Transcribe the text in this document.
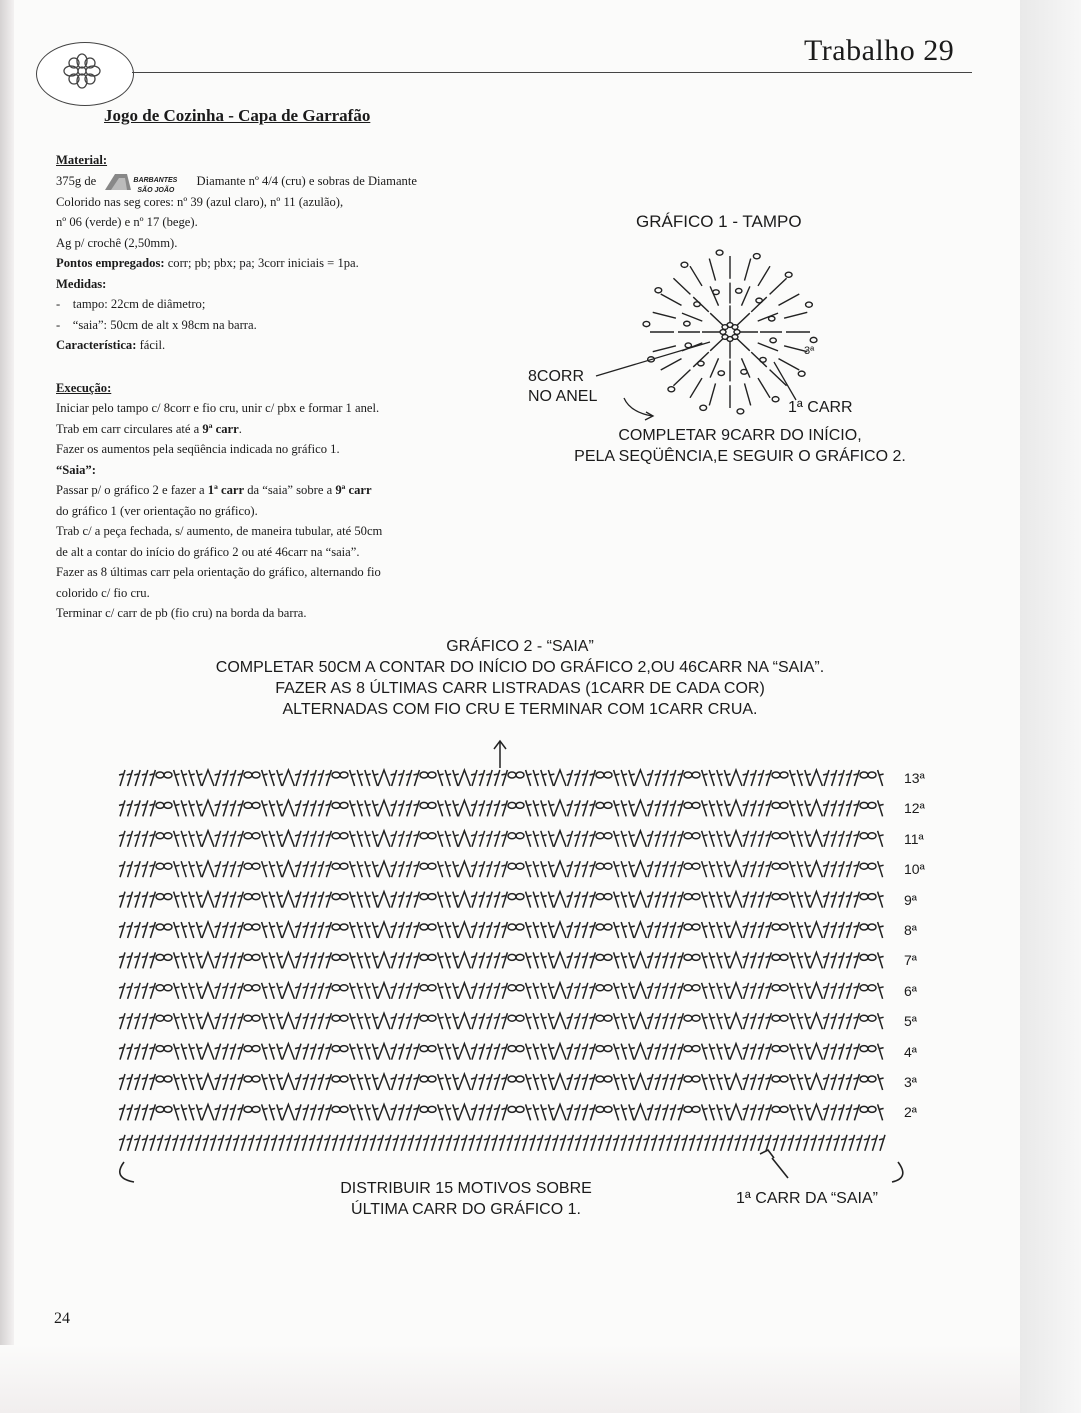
Trabalho 29
Jogo de Cozinha - Capa de Garrafão

Material:

375g de	BARBANTES
SÃO JOÃO
Diamante nº 4/4 (cru) e sobras de Diamante

Colorido nas seg cores: nº 39 (azul claro), nº 11 (azulão),

nº 06 (verde) e nº 17 (bege).

Ag p/ crochê (2,50mm).

Pontos empregados: corr; pb; pbx; pa; 3corr iniciais = 1pa.

Medidas:

-    tampo: 22cm de diâmetro;

-    “saia”: 50cm de alt x 98cm na barra.

Característica: fácil.

Execução:

Iniciar pelo tampo c/ 8corr e fio cru, unir c/ pbx e formar 1 anel.

Trab em carr circulares até a 9ª carr.

Fazer os aumentos pela seqüência indicada no gráfico 1.

“Saia”:

Passar p/ o gráfico 2 e fazer a 1ª carr da “saia” sobre a 9ª carr

do gráfico 1 (ver orientação no gráfico).

Trab c/ a peça fechada, s/ aumento, de maneira tubular, até 50cm

de alt a contar do início do gráfico 2 ou até 46carr na “saia”.

Fazer as 8 últimas carr pela orientação do gráfico, alternando fio

colorido c/ fio cru.

Terminar c/ carr de pb (fio cru) na borda da barra.

GRÁFICO 1 - TAMPO
8CORR
NO ANEL
3ª
1ª CARR
COMPLETAR 9CARR DO INÍCIO,
PELA SEQÜÊNCIA,E SEGUIR O GRÁFICO 2.
GRÁFICO 2 - “SAIA”
COMPLETAR 50CM A CONTAR DO INÍCIO DO GRÁFICO 2,OU 46CARR NA “SAIA”.
FAZER AS 8 ÚLTIMAS CARR LISTRADAS (1CARR DE CADA COR)
ALTERNADAS COM FIO CRU E TERMINAR COM 1CARR CRUA.
13ª
12ª
11ª
10ª
9ª
8ª
7ª
6ª
5ª
4ª
3ª
2ª
DISTRIBUIR 15 MOTIVOS SOBRE
ÚLTIMA CARR DO GRÁFICO 1.
1ª CARR DA “SAIA”
24
